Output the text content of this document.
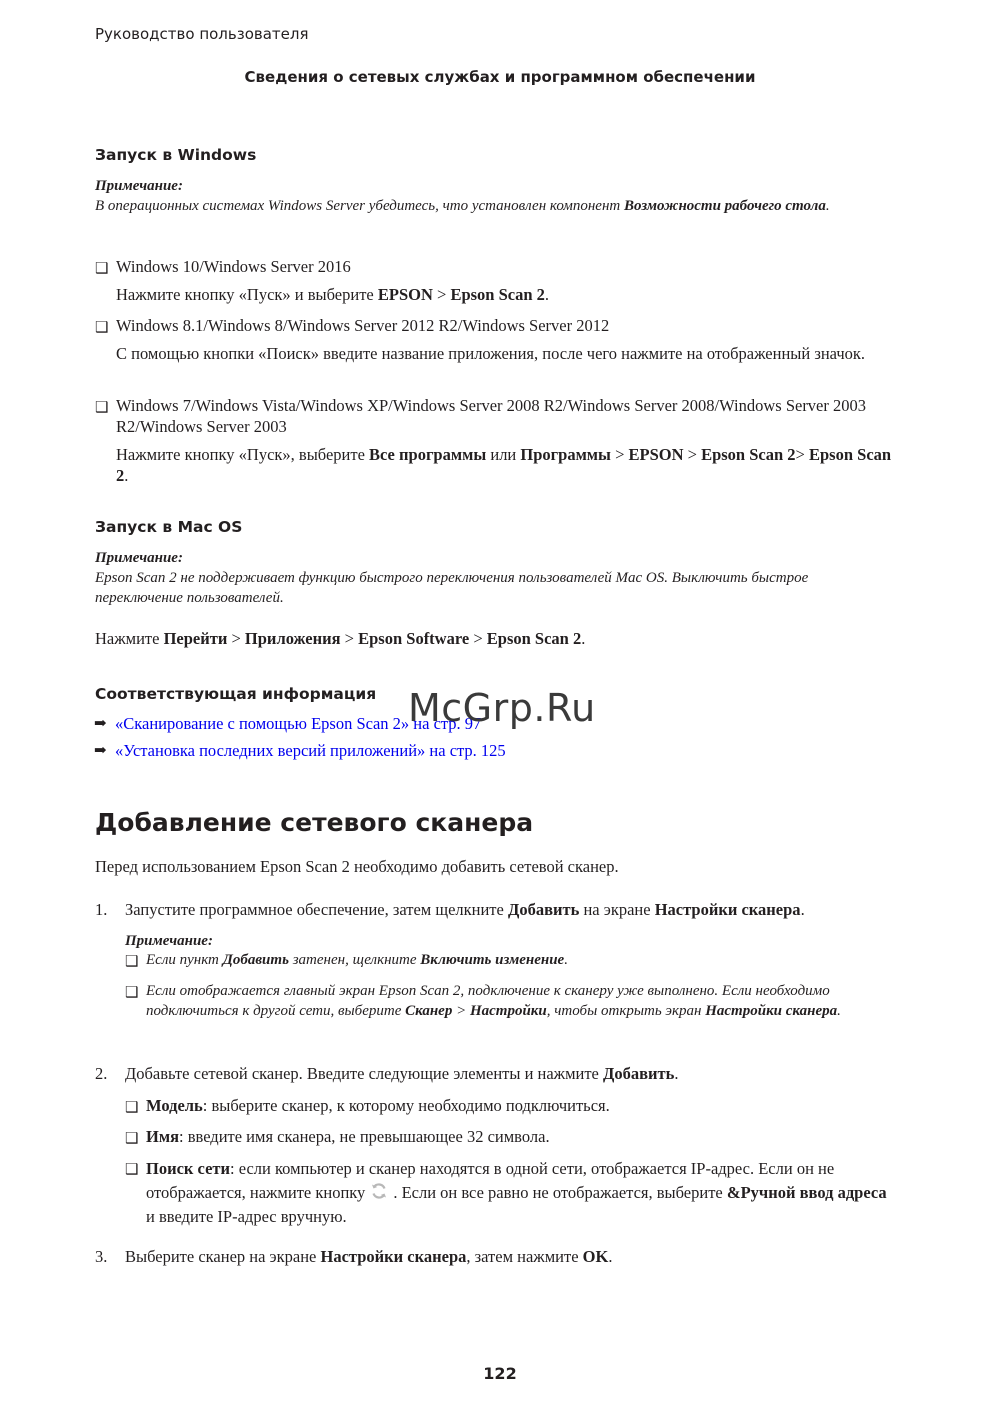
Руководство пользователя
Сведения о сетевых службах и программном обеспечении
Запуск в Windows
Примечание:
В операционных системах Windows Server убедитесь, что установлен компонент Возможности рабочего стола.
❑ Windows 10/Windows Server 2016
Нажмите кнопку «Пуск» и выберите EPSON > Epson Scan 2.
❑ Windows 8.1/Windows 8/Windows Server 2012 R2/Windows Server 2012
С помощью кнопки «Поиск» введите название приложения, после чего нажмите на отображенный значок.
❑ Windows 7/Windows Vista/Windows XP/Windows Server 2008 R2/Windows Server 2008/Windows Server 2003 R2/Windows Server 2003
Нажмите кнопку «Пуск», выберите Все программы или Программы > EPSON > Epson Scan 2> Epson Scan 2.
Запуск в Mac OS
Примечание:
Epson Scan 2 не поддерживает функцию быстрого переключения пользователей Mac OS. Выключить быстрое переключение пользователей.
Нажмите Перейти > Приложения > Epson Software > Epson Scan 2.
Соответствующая информация
➡ «Сканирование с помощью Epson Scan 2» на стр. 97
➡ «Установка последних версий приложений» на стр. 125
McGrp.Ru
Добавление сетевого сканера
Перед использованием Epson Scan 2 необходимо добавить сетевой сканер.
1. Запустите программное обеспечение, затем щелкните Добавить на экране Настройки сканера.
Примечание:
❑ Если пункт Добавить затенен, щелкните Включить изменение.
❑ Если отображается главный экран Epson Scan 2, подключение к сканеру уже выполнено. Если необходимо подключиться к другой сети, выберите Сканер > Настройки, чтобы открыть экран Настройки сканера.
2. Добавьте сетевой сканер. Введите следующие элементы и нажмите Добавить.
❑ Модель: выберите сканер, к которому необходимо подключиться.
❑ Имя: введите имя сканера, не превышающее 32 символа.
❑ Поиск сети: если компьютер и сканер находятся в одной сети, отображается IP-адрес. Если он не отображается, нажмите кнопку . Если он все равно не отображается, выберите &Ручной ввод адреса и введите IP-адрес вручную.
3. Выберите сканер на экране Настройки сканера, затем нажмите OK.
122
